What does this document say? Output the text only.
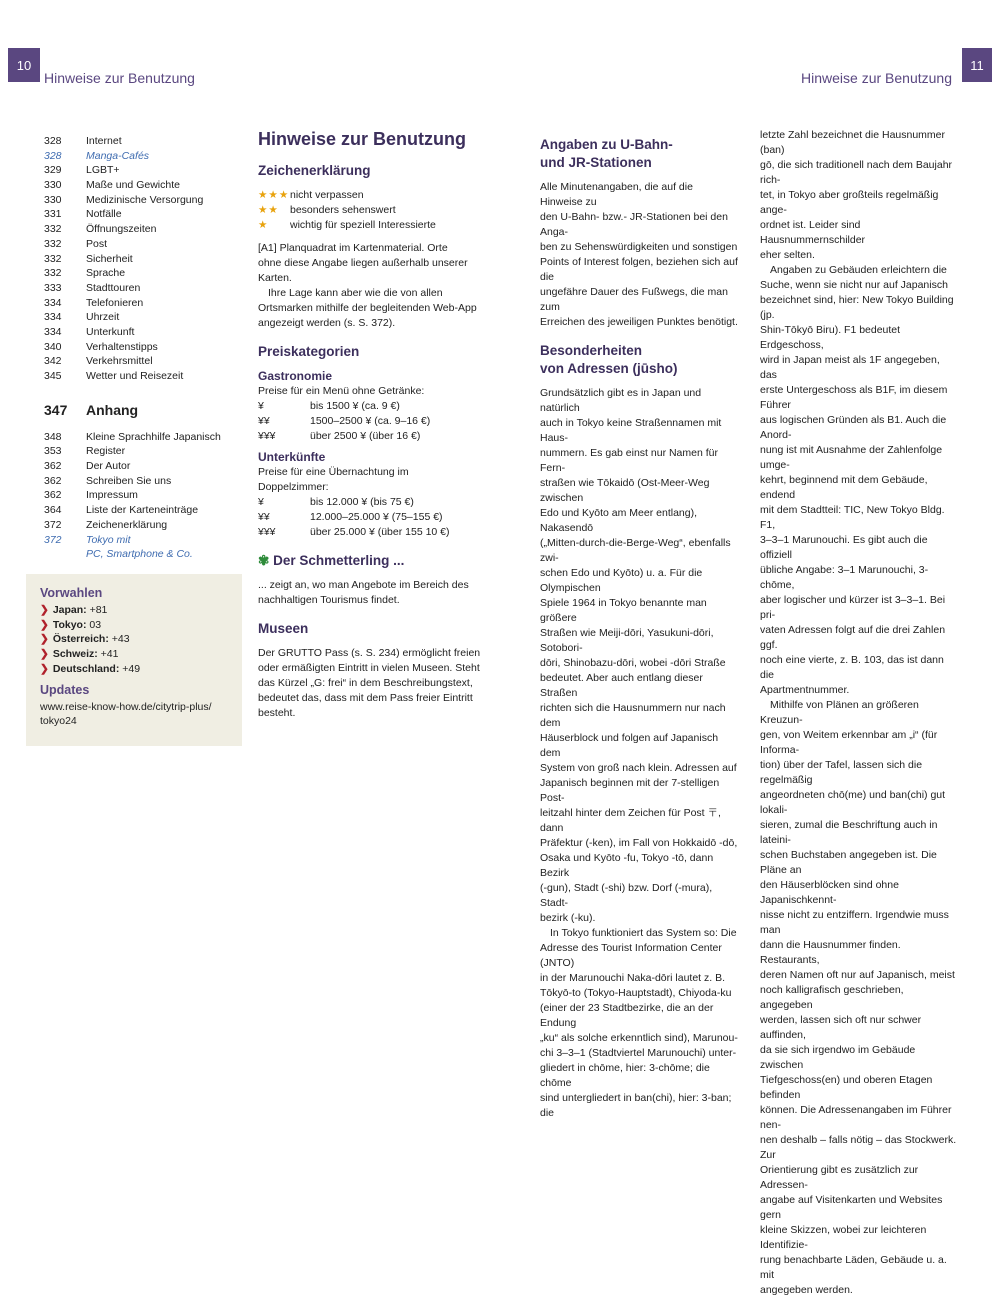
10
Hinweise zur Benutzung	Hinweise zur Benutzung
11
328	Internet
328	Manga-Cafés
329	LGBT+
330	Maße und Gewichte
330	Medizinische Versorgung
331	Notfälle
332	Öffnungszeiten
332	Post
332	Sicherheit
332	Sprache
333	Stadttouren
334	Telefonieren
334	Uhrzeit
334	Unterkunft
340	Verhaltenstipps
342	Verkehrsmittel
345	Wetter und Reisezeit
347	Anhang
348	Kleine Sprachhilfe Japanisch
353	Register
362	Der Autor
362	Schreiben Sie uns
362	Impressum
364	Liste der Karteneinträge
372	Zeichenerklärung
372	Tokyo mit
PC, Smartphone & Co.
Vorwahlen
❯ Japan: +81
❯ Tokyo: 03
❯ Österreich: +43
❯ Schweiz: +41
❯ Deutschland: +49
Updates
www.reise-know-how.de/citytrip-plus/
tokyo24
Hinweise zur Benutzung
Zeichenerklärung
★★★ nicht verpassen
★★	besonders sehenswert
★	wichtig für speziell Interessierte

[A1] Planquadrat im Kartenmaterial. Orte

ohne diese Angabe liegen außerhalb unserer

Karten.

Ihre Lage kann aber wie die von allen

Ortsmarken mithilfe der begleitenden Web-App

angezeigt werden (s. S. 372).

Preiskategorien
Gastronomie

Preise für ein Menü ohne Getränke:

¥	bis 1500 ¥ (ca. 9 €)
¥¥	1500–2500 ¥ (ca. 9–16 €)
¥¥¥	über 2500 ¥ (über 16 €)
Unterkünfte

Preise für eine Übernachtung im

Doppelzimmer:

¥	bis 12.000 ¥ (bis 75 €)
¥¥	12.000–25.000 ¥ (75–155 €)
¥¥¥	über 25.000 ¥ (über 155 10 €)
✾ Der Schmetterling ...

... zeigt an, wo man Angebote im Bereich des

nachhaltigen Tourismus findet.

Museen

Der GRUTTO Pass (s. S. 234) ermöglicht freien

oder ermäßigten Eintritt in vielen Museen. Steht

das Kürzel „G: frei“ in dem Beschreibungstext,

bedeutet das, dass mit dem Pass freier Eintritt

besteht.

Angaben zu U-Bahn-
und JR-Stationen

Alle Minutenangaben, die auf die Hinweise zu

den U-Bahn- bzw.- JR-Stationen bei den Anga-

ben zu Sehenswürdigkeiten und sonstigen

Points of Interest folgen, beziehen sich auf die

ungefähre Dauer des Fußwegs, die man zum

Erreichen des jeweiligen Punktes benötigt.

Besonderheiten
von Adressen (jūsho)

Grundsätzlich gibt es in Japan und natürlich

auch in Tokyo keine Straßennamen mit Haus-

nummern. Es gab einst nur Namen für Fern-

straßen wie Tōkaidō (Ost-Meer-Weg zwischen

Edo und Kyōto am Meer entlang), Nakasendō

(„Mitten-durch-die-Berge-Weg“, ebenfalls zwi-

schen Edo und Kyōto) u. a. Für die Olympischen

Spiele 1964 in Tokyo benannte man größere

Straßen wie Meiji-dōri, Yasukuni-dōri, Sotobori-

dōri, Shinobazu-dōri, wobei -dōri Straße

bedeutet. Aber auch entlang dieser Straßen

richten sich die Hausnummern nur nach dem

Häuserblock und folgen auf Japanisch dem

System von groß nach klein. Adressen auf

Japanisch beginnen mit der 7-stelligen Post-

leitzahl hinter dem Zeichen für Post 〒, dann

Präfektur (-ken), im Fall von Hokkaidō -dō,

Osaka und Kyōto -fu, Tokyo -tō, dann Bezirk

(-gun), Stadt (-shi) bzw. Dorf (-mura), Stadt-

bezirk (-ku).

In Tokyo funktioniert das System so: Die

Adresse des Tourist Information Center (JNTO)

in der Marunouchi Naka-dōri lautet z. B.

Tōkyō-to (Tokyo-Hauptstadt), Chiyoda-ku

(einer der 23 Stadtbezirke, die an der Endung

„ku“ als solche erkenntlich sind), Marunou-

chi 3–3–1 (Stadtviertel Marunouchi) unter-

gliedert in chōme, hier: 3-chōme; die chōme

sind untergliedert in ban(chi), hier: 3-ban; die

letzte Zahl bezeichnet die Hausnummer (ban)

gō, die sich traditionell nach dem Baujahr rich-

tet, in Tokyo aber großteils regelmäßig ange-

ordnet ist. Leider sind Hausnummernschilder

eher selten.

Angaben zu Gebäuden erleichtern die

Suche, wenn sie nicht nur auf Japanisch

bezeichnet sind, hier: New Tokyo Building (jp.

Shin-Tōkyō Biru). F1 bedeutet Erdgeschoss,

wird in Japan meist als 1F angegeben, das

erste Untergeschoss als B1F, im diesem Führer

aus logischen Gründen als B1. Auch die Anord-

nung ist mit Ausnahme der Zahlenfolge umge-

kehrt, beginnend mit dem Gebäude, endend

mit dem Stadtteil: TIC, New Tokyo Bldg. F1,

3–3–1 Marunouchi. Es gibt auch die offiziell

übliche Angabe: 3–1 Marunouchi, 3-chōme,

aber logischer und kürzer ist 3–3–1. Bei pri-

vaten Adressen folgt auf die drei Zahlen ggf.

noch eine vierte, z. B. 103, das ist dann die

Apartmentnummer.

Mithilfe von Plänen an größeren Kreuzun-

gen, von Weitem erkennbar am „i“ (für Informa-

tion) über der Tafel, lassen sich die regelmäßig

angeordneten chō(me) und ban(chi) gut lokali-

sieren, zumal die Beschriftung auch in lateini-

schen Buchstaben angegeben ist. Die Pläne an

den Häuserblöcken sind ohne Japanischkennt-

nisse nicht zu entziffern. Irgendwie muss man

dann die Hausnummer finden. Restaurants,

deren Namen oft nur auf Japanisch, meist

noch kalligrafisch geschrieben, angegeben

werden, lassen sich oft nur schwer auffinden,

da sie sich irgendwo im Gebäude zwischen

Tiefgeschoss(en) und oberen Etagen befinden

können. Die Adressenangaben im Führer nen-

nen deshalb – falls nötig – das Stockwerk. Zur

Orientierung gibt es zusätzlich zur Adressen-

angabe auf Visitenkarten und Websites gern

kleine Skizzen, wobei zur leichteren Identifizie-

rung benachbarte Läden, Gebäude u. a. mit

angegeben werden.
